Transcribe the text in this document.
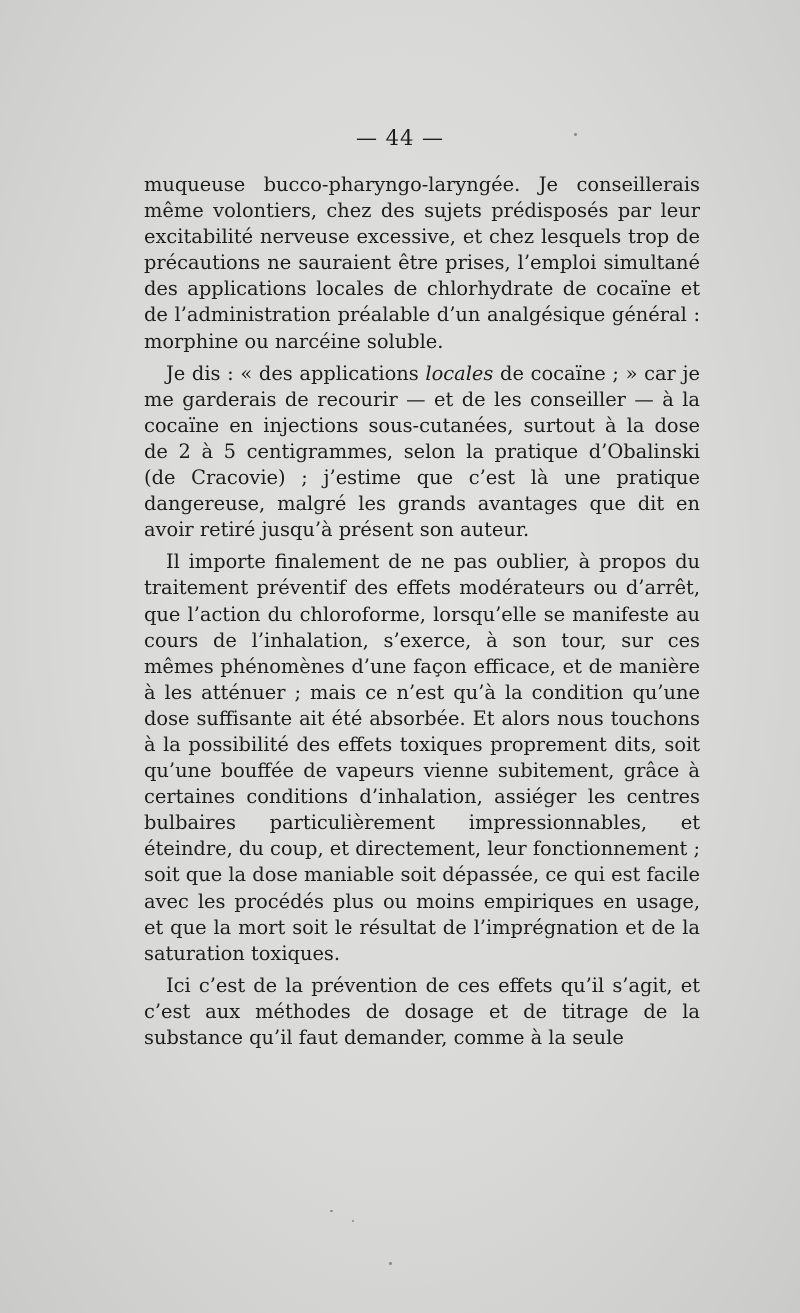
— 44 —

muqueuse bucco-pharyngo-laryngée. Je conseillerais même volontiers, chez des sujets prédisposés par leur excitabilité nerveuse excessive, et chez lesquels trop de précautions ne sauraient être prises, l’emploi simultané des applications locales de chlorhydrate de cocaïne et de l’administration préalable d’un analgésique général : morphine ou narcéine soluble.

Je dis : « des applications locales de cocaïne ; » car je me garderais de recourir — et de les conseiller — à la cocaïne en injections sous-cutanées, surtout à la dose de 2 à 5 centigrammes, selon la pratique d’Obalinski (de Cracovie) ; j’estime que c’est là une pratique dangereuse, malgré les grands avantages que dit en avoir retiré jusqu’à présent son auteur.

Il importe finalement de ne pas oublier, à propos du traitement préventif des effets modérateurs ou d’arrêt, que l’action du chloroforme, lorsqu’elle se manifeste au cours de l’inhalation, s’exerce, à son tour, sur ces mêmes phénomènes d’une façon efficace, et de manière à les atténuer ; mais ce n’est qu’à la condition qu’une dose suffisante ait été absorbée. Et alors nous touchons à la possibilité des effets toxiques proprement dits, soit qu’une bouffée de vapeurs vienne subitement, grâce à certaines conditions d’inhalation, assiéger les centres bulbaires particulièrement impressionnables, et éteindre, du coup, et directement, leur fonctionnement ; soit que la dose maniable soit dépassée, ce qui est facile avec les procédés plus ou moins empiriques en usage, et que la mort soit le résultat de l’imprégnation et de la saturation toxiques.

Ici c’est de la prévention de ces effets qu’il s’agit, et c’est aux méthodes de dosage et de titrage de la substance qu’il faut demander, comme à la seule
